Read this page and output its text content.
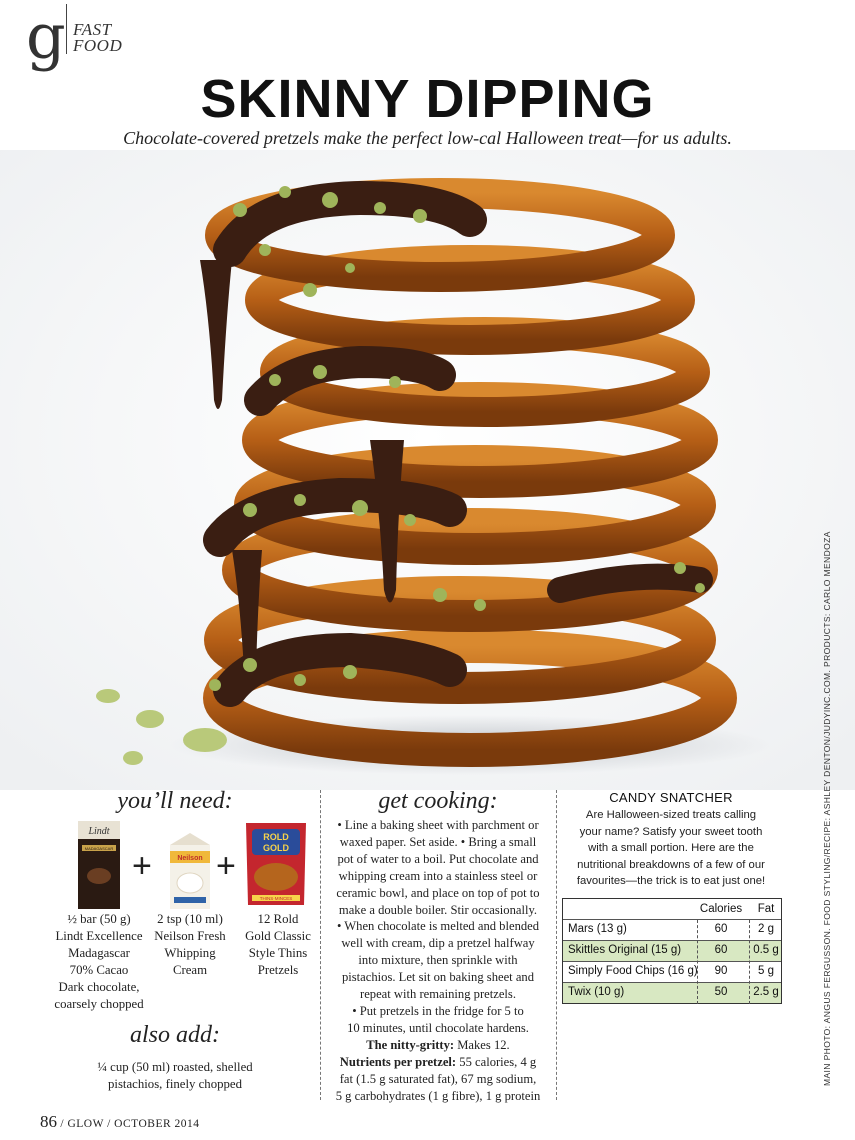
g FAST
FOOD
SKINNY DIPPING

Chocolate-covered pretzels make the perfect low-cal Halloween treat—for us adults.

MAIN PHOTO: ANGUS FERGUSSON. FOOD STYLING/RECIPE: ASHLEY DENTON/JUDYINC.COM. PRODUCTS: CARLO MENDOZA
you’ll need:
Lindt
MADAGASCAR +	Neilson +
ROLD
GOLD
THINS·MINCES
½ bar (50 g)
Lindt Excellence
Madagascar
70% Cacao
Dark chocolate,
coarsely chopped
2 tsp (10 ml)
Neilson Fresh
Whipping
Cream
12 Rold
Gold Classic
Style Thins
Pretzels
also add:
¼ cup (50 ml) roasted, shelled
pistachios, finely chopped
get cooking:

• Line a baking sheet with parchment or

waxed paper. Set aside. • Bring a small

pot of water to a boil. Put chocolate and

whipping cream into a stainless steel or

ceramic bowl, and place on top of pot to

make a double boiler. Stir occasionally.

• When chocolate is melted and blended

well with cream, dip a pretzel halfway

into mixture, then sprinkle with

pistachios. Let sit on baking sheet and

repeat with remaining pretzels.

• Put pretzels in the fridge for 5 to

10 minutes, until chocolate hardens.

The nitty-gritty: Makes 12.

Nutrients per pretzel: 55 calories, 4 g

fat (1.5 g saturated fat), 67 mg sodium,

5 g carbohydrates (1 g fibre), 1 g protein

CANDY SNATCHER
Are Halloween-sized treats calling
your name? Satisfy your sweet tooth
with a small portion. Here are the
nutritional breakdowns of a few of our
favourites—the trick is to eat just one!
Calories	Fat
Mars (13 g)	60	2 g
Skittles Original (15 g)	60	0.5 g
Simply Food Chips (16 g)	90	5 g
Twix (10 g)	50	2.5 g
86 / GLOW / OCTOBER 2014
